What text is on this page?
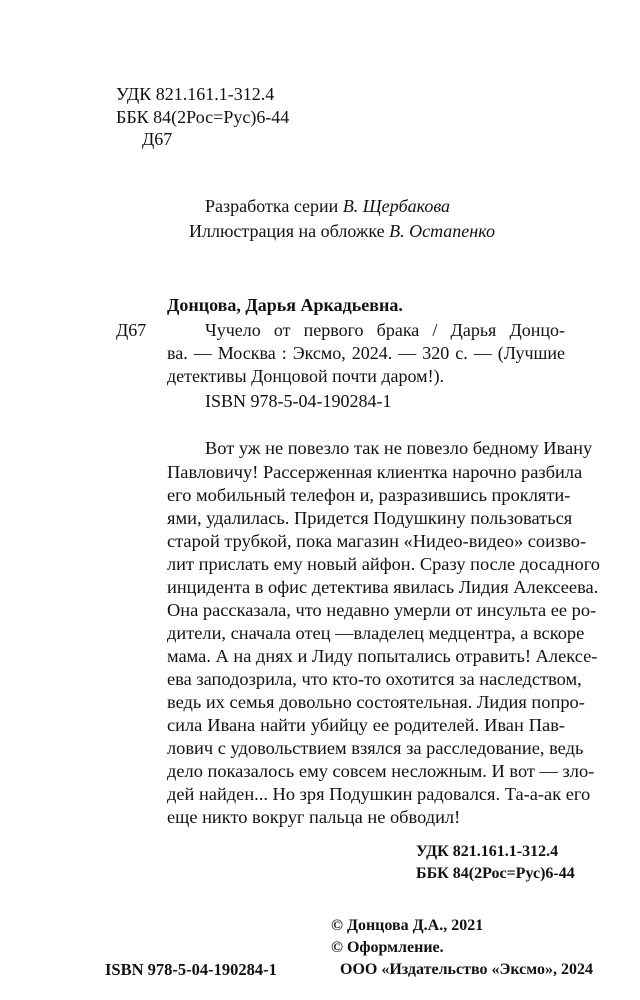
УДК 821.161.1-312.4
ББК 84(2Рос=Рус)6-44
Д67
Разработка серии В. Щербакова
Иллюстрация на обложке В. Остапенко
Донцова, Дарья Аркадьевна.
Д67	Чучело от первого брака / Дарья Донцо-
ва. — Москва : Эксмо, 2024. — 320 с. — (Лучшие
детективы Донцовой почти даром!).
ISBN 978-5-04-190284-1
Вот уж не повезло так не повезло бедному Ивану
Павловичу! Рассерженная клиентка нарочно разбила
его мобильный телефон и, разразившись прокляти-
ями, удалилась. Придется Подушкину пользоваться
старой трубкой, пока магазин «Нидео-видео» соизво-
лит прислать ему новый айфон. Сразу после досадного
инцидента в офис детектива явилась Лидия Алексеева.
Она рассказала, что недавно умерли от инсульта ее ро-
дители, сначала отец —владелец медцентра, а вскоре
мама. А на днях и Лиду попытались отравить! Алексе-
ева заподозрила, что кто-то охотится за наследством,
ведь их семья довольно состоятельная. Лидия попро-
сила Ивана найти убийцу ее родителей. Иван Пав-
лович с удовольствием взялся за расследование, ведь
дело показалось ему совсем несложным. И вот — зло-
дей найден... Но зря Подушкин радовался. Та-а-ак его
еще никто вокруг пальца не обводил!
УДК 821.161.1-312.4
ББК 84(2Рос=Рус)6-44
© Донцова Д.А., 2021
© Оформление.
ООО «Издательство «Эксмо», 2024
ISBN 978-5-04-190284-1
